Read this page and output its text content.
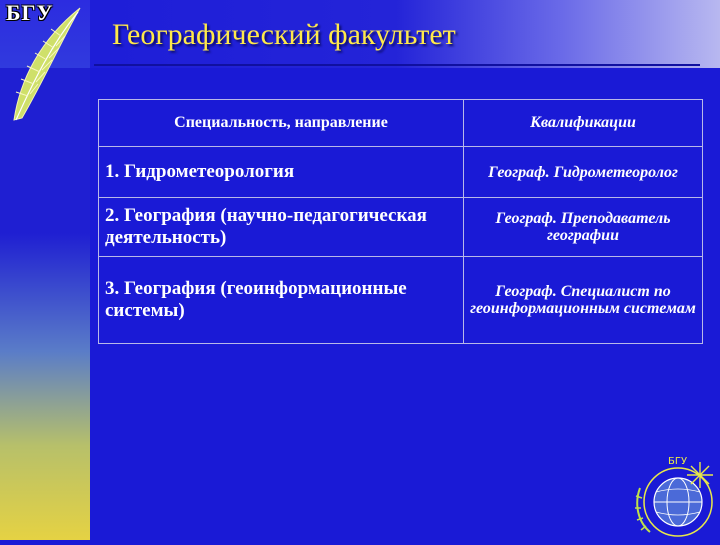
БГУ
Географический факультет
Специальность, направление	Квалификации
1. Гидрометеорология	Географ. Гидрометеоролог
2. География (научно-педагогическая деятельность)	Географ. Преподаватель географии
3. География (геоинформационные системы)	Географ. Специалист по геоинформационным системам
БГУ
